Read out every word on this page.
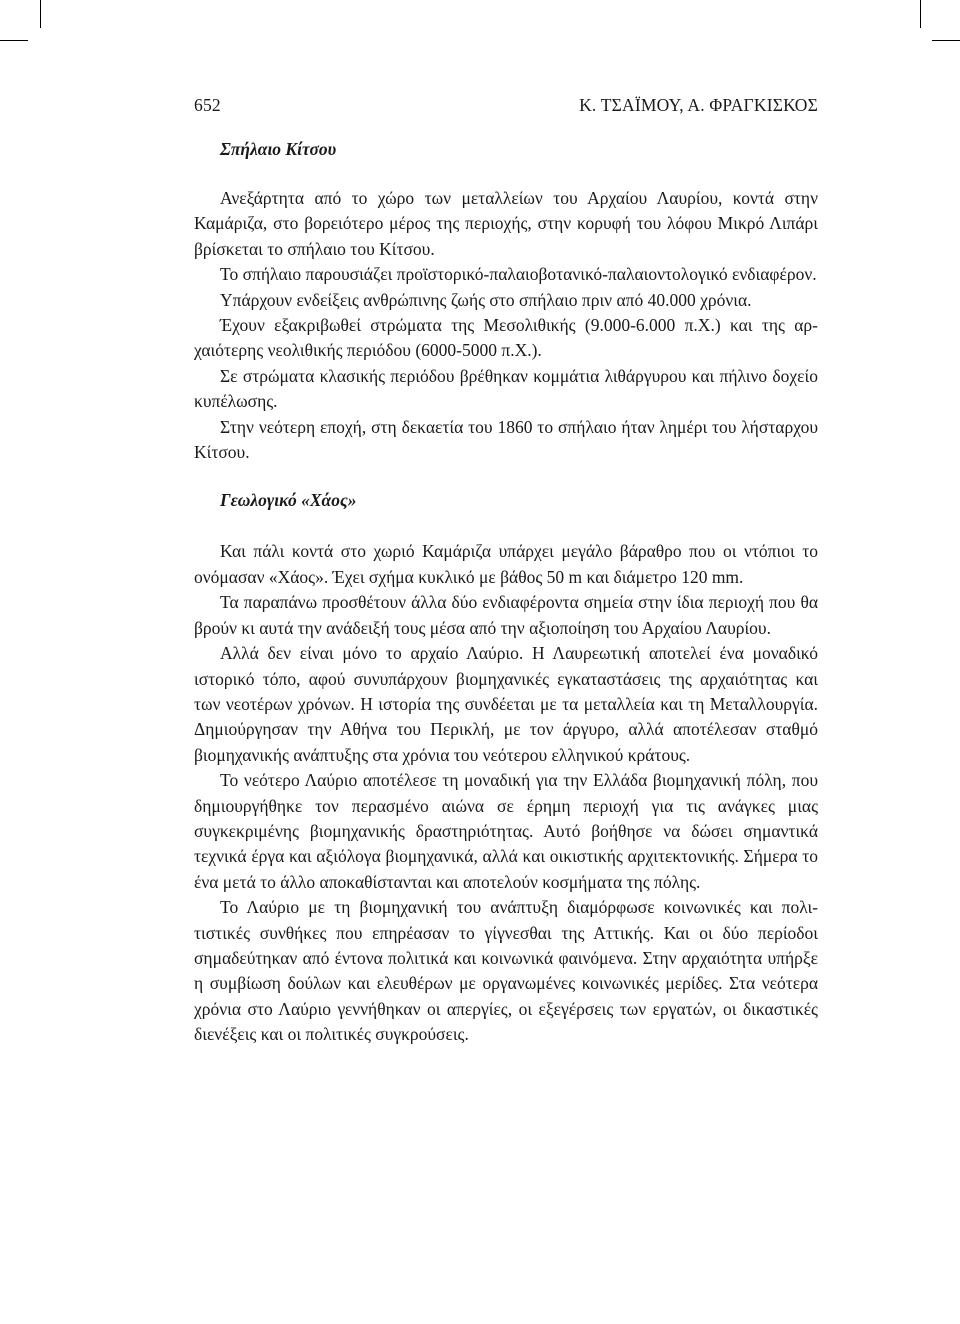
652	Κ. ΤΣΑΪΜΟΥ, Α. ΦΡΑΓΚΙΣΚΟΣ
Σπήλαιο Κίτσου

Ανεξάρτητα από το χώρο των μεταλλείων του Αρχαίου Λαυρίου, κοντά στην Καμάριζα, στο βορειότερο μέρος της περιοχής, στην κορυφή του λόφου Μικρό Λιπάρι βρίσκεται το σπήλαιο του Κίτσου.

Το σπήλαιο παρουσιάζει προϊστορικό-παλαιοβοτανικό-παλαιοντολογικό ενδιαφέρον.

Υπάρχουν ενδείξεις ανθρώπινης ζωής στο σπήλαιο πριν από 40.000 χρόνια.

Έχουν εξακριβωθεί στρώματα της Μεσολιθικής (9.000-6.000 π.Χ.) και της αρχαιότερης νεολιθικής περιόδου (6000-5000 π.Χ.).

Σε στρώματα κλασικής περιόδου βρέθηκαν κομμάτια λιθάργυρου και πήλινο δοχείο κυπέλωσης.

Στην νεότερη εποχή, στη δεκαετία του 1860 το σπήλαιο ήταν λημέρι του λήσταρχου Κίτσου.

Γεωλογικό «Χάος»

Και πάλι κοντά στο χωριό Καμάριζα υπάρχει μεγάλο βάραθρο που οι ντόπιοι το ονόμασαν «Χάος». Έχει σχήμα κυκλικό με βάθος 50 m και διάμετρο 120 mm.

Τα παραπάνω προσθέτουν άλλα δύο ενδιαφέροντα σημεία στην ίδια περιοχή που θα βρούν κι αυτά την ανάδειξή τους μέσα από την αξιοποίηση του Αρχαίου Λαυρίου.

Αλλά δεν είναι μόνο το αρχαίο Λαύριο. Η Λαυρεωτική αποτελεί ένα μοναδικό ιστορικό τόπο, αφού συνυπάρχουν βιομηχανικές εγκαταστάσεις της αρχαιότητας και των νεοτέρων χρόνων. Η ιστορία της συνδέεται με τα μεταλλεία και τη Μεταλλουργία. Δημιούργησαν την Αθήνα του Περικλή, με τον άργυρο, αλλά αποτέλεσαν σταθμό βιομηχανικής ανάπτυξης στα χρόνια του νεότερου ελληνικού κράτους.

Το νεότερο Λαύριο αποτέλεσε τη μοναδική για την Ελλάδα βιομηχανική πόλη, που δημιουργήθηκε τον περασμένο αιώνα σε έρημη περιοχή για τις ανάγκες μιας συγκεκριμένης βιομηχανικής δραστηριότητας. Αυτό βοήθησε να δώσει σημαντικά τεχνικά έργα και αξιόλογα βιομηχανικά, αλλά και οικιστικής αρχιτεκτονικής. Σήμερα το ένα μετά το άλλο αποκαθίστανται και αποτελούν κοσμήματα της πόλης.

Το Λαύριο με τη βιομηχανική του ανάπτυξη διαμόρφωσε κοινωνικές και πολιτιστικές συνθήκες που επηρέασαν το γίγνεσθαι της Αττικής. Και οι δύο περίοδοι σημαδεύτηκαν από έντονα πολιτικά και κοινωνικά φαινόμενα. Στην αρχαιότητα υπήρξε η συμβίωση δούλων και ελευθέρων με οργανωμένες κοινωνικές μερίδες. Στα νεότερα χρόνια στο Λαύριο γεννήθηκαν οι απεργίες, οι εξεγέρσεις των εργατών, οι δικαστικές διενέξεις και οι πολιτικές συγκρούσεις.
